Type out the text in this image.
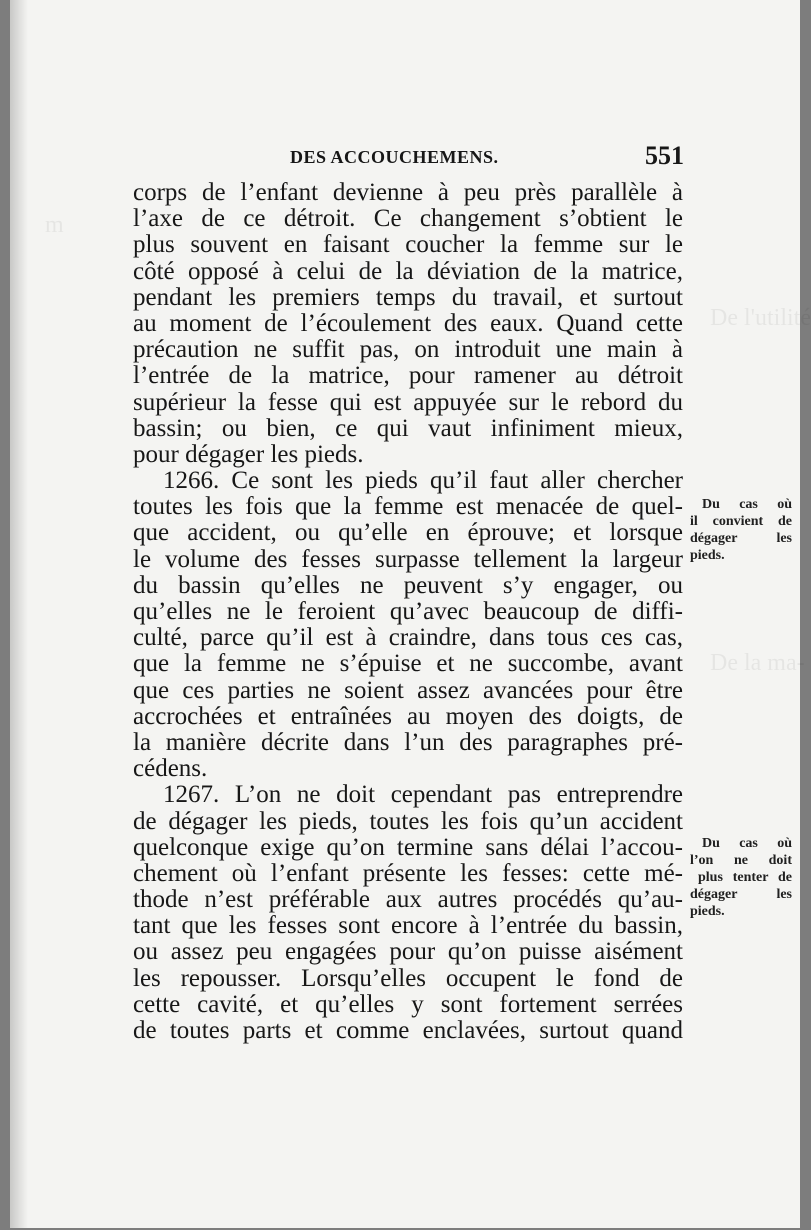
m
De l'utilité
De la ma-
DES ACCOUCHEMENS.	551
corps de l’enfant devienne à peu près parallèle à
l’axe de ce détroit. Ce changement s’obtient le
plus souvent en faisant coucher la femme sur le
côté opposé à celui de la déviation de la matrice,
pendant les premiers temps du travail, et surtout
au moment de l’écoulement des eaux. Quand cette
précaution ne suffit pas, on introduit une main à
l’entrée de la matrice, pour ramener au détroit
supérieur la fesse qui est appuyée sur le rebord du
bassin; ou bien, ce qui vaut infiniment mieux,
pour dégager les pieds.
1266. Ce sont les pieds qu’il faut aller chercher
toutes les fois que la femme est menacée de quel-
que accident, ou qu’elle en éprouve; et lorsque
le volume des fesses surpasse tellement la largeur
du bassin qu’elles ne peuvent s’y engager, ou
qu’elles ne le feroient qu’avec beaucoup de diffi-
culté, parce qu’il est à craindre, dans tous ces cas,
que la femme ne s’épuise et ne succombe, avant
que ces parties ne soient assez avancées pour être
accrochées et entraînées au moyen des doigts, de
la manière décrite dans l’un des paragraphes pré-
cédens.
1267. L’on ne doit cependant pas entreprendre
de dégager les pieds, toutes les fois qu’un accident
quelconque exige qu’on termine sans délai l’accou-
chement où l’enfant présente les fesses: cette mé-
thode n’est préférable aux autres procédés qu’au-
tant que les fesses sont encore à l’entrée du bassin,
ou assez peu engagées pour qu’on puisse aisément
les repousser. Lorsqu’elles occupent le fond de
cette cavité, et qu’elles y sont fortement serrées
de toutes parts et comme enclavées, surtout quand
Du cas où
il convient de
dégager les
pieds.
Du cas où
l’on ne doit
plus tenter de
dégager les
pieds.
